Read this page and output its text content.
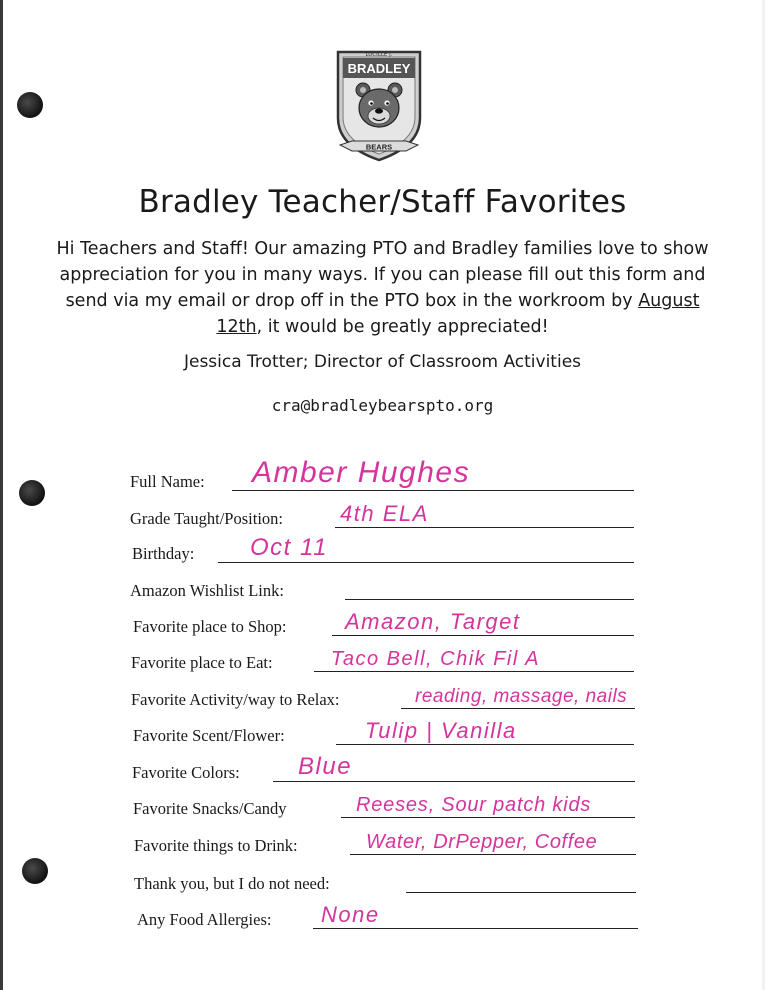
LUCILLE J.
BRADLEY
BEARS
Bradley Teacher/Staff Favorites
Hi Teachers and Staff! Our amazing PTO and Bradley families love to show appreciation for you in many ways. If you can please fill out this form and send via my email or drop off in the PTO box in the workroom by August 12th, it would be greatly appreciated!
Jessica Trotter; Director of Classroom Activities
cra@bradleybearspto.org
Full Name: Amber Hughes
Grade Taught/Position:	4th ELA
Birthday: Oct 11
Amazon Wishlist Link:
Favorite place to Shop:	Amazon, Target
Favorite place to Eat:	Taco Bell, Chik Fil A
Favorite Activity/way to Relax:	reading, massage, nails
Favorite Scent/Flower:	Tulip | Vanilla
Favorite Colors: Blue
Favorite Snacks/Candy	Reeses, Sour patch kids
Favorite things to Drink:	Water, DrPepper, Coffee
Thank you, but I do not need:
Any Food Allergies: None
